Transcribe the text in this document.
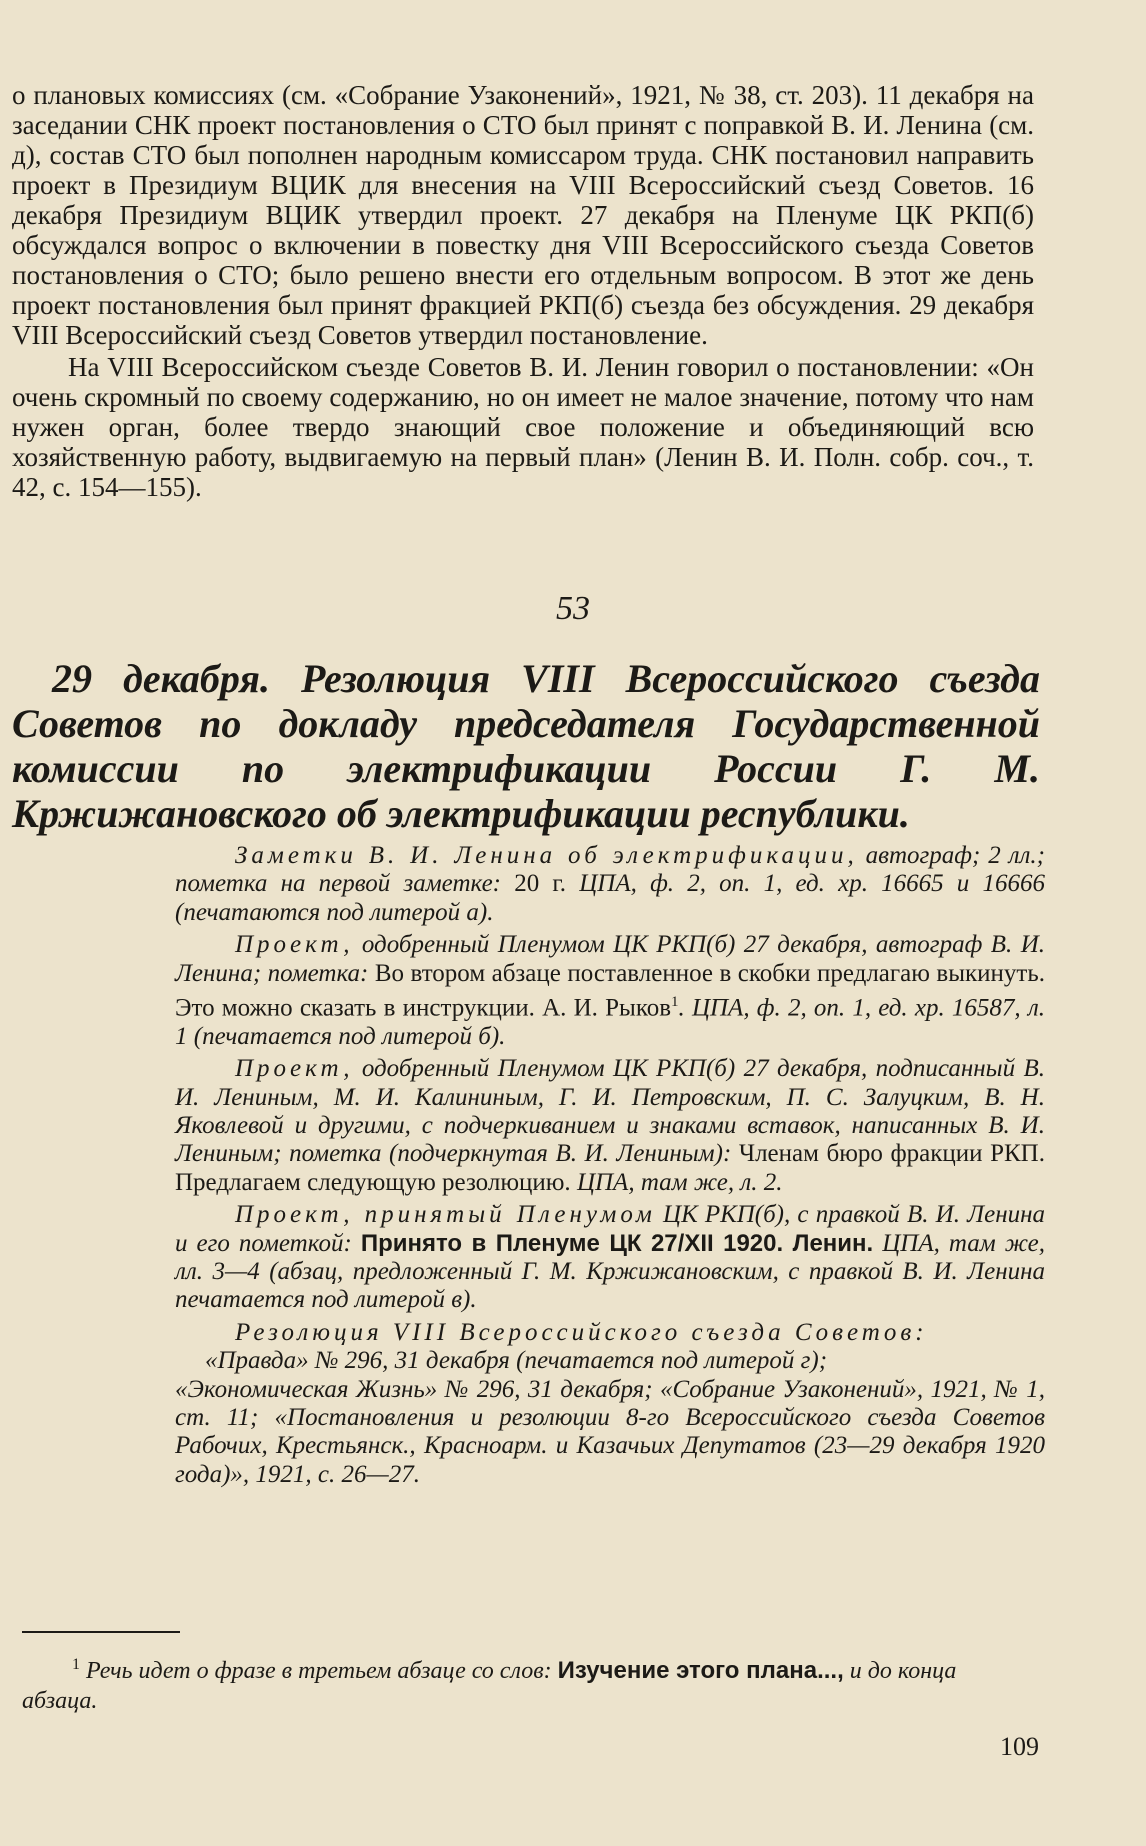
о плановых комиссиях (см. «Собрание Узаконений», 1921, № 38, ст. 203). 11 декабря на заседании СНК проект постановления о СТО был принят с поправкой В. И. Ленина (см. д), состав СТО был пополнен народным комиссаром труда. СНК постановил направить проект в Президиум ВЦИК для внесения на VIII Всероссийский съезд Советов. 16 декабря Президиум ВЦИК утвердил проект. 27 декабря на Пленуме ЦК РКП(б) обсуждался вопрос о включении в повестку дня VIII Всероссийского съезда Советов постановления о СТО; было решено внести его отдельным вопросом. В этот же день проект постановления был принят фракцией РКП(б) съезда без обсуждения. 29 декабря VIII Всероссийский съезд Советов утвердил постановление.

На VIII Всероссийском съезде Советов В. И. Ленин говорил о постановлении: «Он очень скромный по своему содержанию, но он имеет не малое значение, потому что нам нужен орган, более твердо знающий свое положение и объединяющий всю хозяйственную работу, выдвигаемую на первый план» (Ленин В. И. Полн. собр. соч., т. 42, с. 154—155).

53
29 декабря. Резолюция VIII Всероссийского съезда Советов по докладу председателя Государственной комиссии по электрификации России Г. М. Кржижановского об электрификации республики.

Заметки В. И. Ленина об электрификации, автограф; 2 лл.; пометка на первой заметке: 20 г. ЦПА, ф. 2, оп. 1, ед. хр. 16665 и 16666 (печатаются под литерой а).

Проект, одобренный Пленумом ЦК РКП(б) 27 декабря, автограф В. И. Ленина; пометка: Во втором абзаце поставленное в скобки предлагаю выкинуть. Это можно сказать в инструкции. А. И. Рыков$^1$. ЦПА, ф. 2, оп. 1, ед. хр. 16587, л. 1 (печатается под литерой б).

Проект, одобренный Пленумом ЦК РКП(б) 27 декабря, подписанный В. И. Лениным, М. И. Калининым, Г. И. Петровским, П. С. Залуцким, В. Н. Яковлевой и другими, с подчеркиванием и знаками вставок, написанных В. И. Лениным; пометка (подчеркнутая В. И. Лениным): Членам бюро фракции РКП. Предлагаем следующую резолюцию. ЦПА, там же, л. 2.

Проект, принятый Пленумом ЦК РКП(б), с правкой В. И. Ленина и его пометкой: Принято в Пленуме ЦК 27/XII 1920. Ленин. ЦПА, там же, лл. 3—4 (абзац, предложенный Г. М. Кржижановским, с правкой В. И. Ленина печатается под литерой в).

Резолюция VIII Всероссийского съезда Советов:
«Правда» № 296, 31 декабря (печатается под литерой г);
«Экономическая Жизнь» № 296, 31 декабря; «Собрание Узаконений», 1921, № 1, ст. 11; «Постановления и резолюции 8-го Всероссийского съезда Советов Рабочих, Крестьянск., Красноарм. и Казачьих Депутатов (23—29 декабря 1920 года)», 1921, с. 26—27.
$^1$ Речь идет о фразе в третьем абзаце со слов: Изучение этого плана..., и до конца абзаца.
109
